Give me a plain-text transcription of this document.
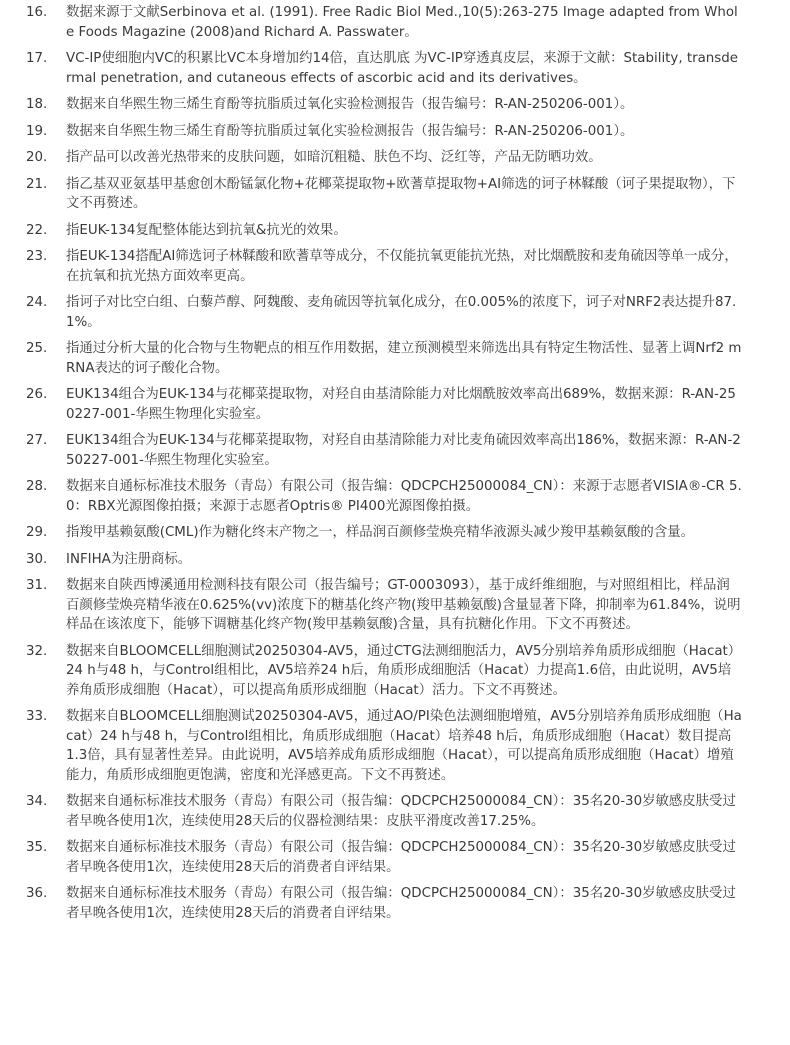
16.	数据来源于文献Serbinova et al. (1991). Free Radic Biol Med.,10(5):263-275 Image adapted from Whole Foods Magazine (2008)and Richard A. Passwater。
17.	VC-IP使细胞内VC的积累比VC本身增加约14倍，直达肌底 为VC-IP穿透真皮层，来源于文献：Stability, transdermal penetration, and cutaneous effects of ascorbic acid and its derivatives。
18.	数据来自华熙生物三烯生育酚等抗脂质过氧化实验检测报告（报告编号：R-AN-250206-001）。
19.	数据来自华熙生物三烯生育酚等抗脂质过氧化实验检测报告（报告编号：R-AN-250206-001）。
20.	指产品可以改善光热带来的皮肤问题，如暗沉粗糙、肤色不均、泛红等，产品无防晒功效。
21.	指乙基双亚氨基甲基愈创木酚锰氯化物+花椰菜提取物+欧蓍草提取物+AI筛选的诃子林鞣酸（诃子果提取物），下文不再赘述。
22.	指EUK-134复配整体能达到抗氧&抗光的效果。
23.	指EUK-134搭配AI筛选诃子林鞣酸和欧蓍草等成分，不仅能抗氧更能抗光热，对比烟酰胺和麦角硫因等单一成分，在抗氧和抗光热方面效率更高。
24.	指诃子对比空白组、白藜芦醇、阿魏酸、麦角硫因等抗氧化成分，在0.005%的浓度下，诃子对NRF2表达提升87.1%。
25.	指通过分析大量的化合物与生物靶点的相互作用数据，建立预测模型来筛选出具有特定生物活性、显著上调Nrf2 mRNA表达的诃子酸化合物。
26.	EUK134组合为EUK-134与花椰菜提取物，对羟自由基清除能力对比烟酰胺效率高出689%，数据来源：R-AN-250227-001-华熙生物理化实验室。
27.	EUK134组合为EUK-134与花椰菜提取物，对羟自由基清除能力对比麦角硫因效率高出186%，数据来源：R-AN-250227-001-华熙生物理化实验室。
28.	数据来自通标标准技术服务（青岛）有限公司（报告编：QDCPCH25000084_CN）：来源于志愿者VISIA®-CR 5.0：RBX光源图像拍摄；来源于志愿者Optris® PI400光源图像拍摄。
29.	指羧甲基赖氨酸(CML)作为糖化终末产物之一，样品润百颜修莹焕亮精华液源头减少羧甲基赖氨酸的含量。
30.	INFIHA为注册商标。
31.	数据来自陕西博溪通用检测科技有限公司（报告编号；GT-0003093），基于成纤维细胞，与对照组相比，样品润百颜修莹焕亮精华液在0.625%(vv)浓度下的糖基化终产物(羧甲基赖氨酸)含量显著下降，抑制率为61.84%，说明样品在该浓度下，能够下调糖基化终产物(羧甲基赖氨酸)含量，具有抗糖化作用。下文不再赘述。
32.	数据来自BLOOMCELL细胞测试20250304-AV5，通过CTG法测细胞活力，AV5分别培养角质形成细胞（Hacat）24 h与48 h，与Control组相比，AV5培养24 h后，角质形成细胞活（Hacat）力提高1.6倍，由此说明，AV5培养角质形成细胞（Hacat），可以提高角质形成细胞（Hacat）活力。下文不再赘述。
33.	数据来自BLOOMCELL细胞测试20250304-AV5，通过AO/PI染色法测细胞增殖，AV5分别培养角质形成细胞（Hacat）24 h与48 h，与Control组相比，角质形成细胞（Hacat）培养48 h后，角质形成细胞（Hacat）数目提高1.3倍，具有显著性差异。由此说明，AV5培养成角质形成细胞（Hacat），可以提高角质形成细胞（Hacat）增殖能力，角质形成细胞更饱满，密度和光泽感更高。下文不再赘述。
34.	数据来自通标标准技术服务（青岛）有限公司（报告编：QDCPCH25000084_CN）：35名20-30岁敏感皮肤受过者早晚各使用1次，连续使用28天后的仪器检测结果：皮肤平滑度改善17.25%。
35.	数据来自通标标准技术服务（青岛）有限公司（报告编：QDCPCH25000084_CN）：35名20-30岁敏感皮肤受过者早晚各使用1次，连续使用28天后的消费者自评结果。
36.	数据来自通标标准技术服务（青岛）有限公司（报告编：QDCPCH25000084_CN）：35名20-30岁敏感皮肤受过者早晚各使用1次，连续使用28天后的消费者自评结果。
